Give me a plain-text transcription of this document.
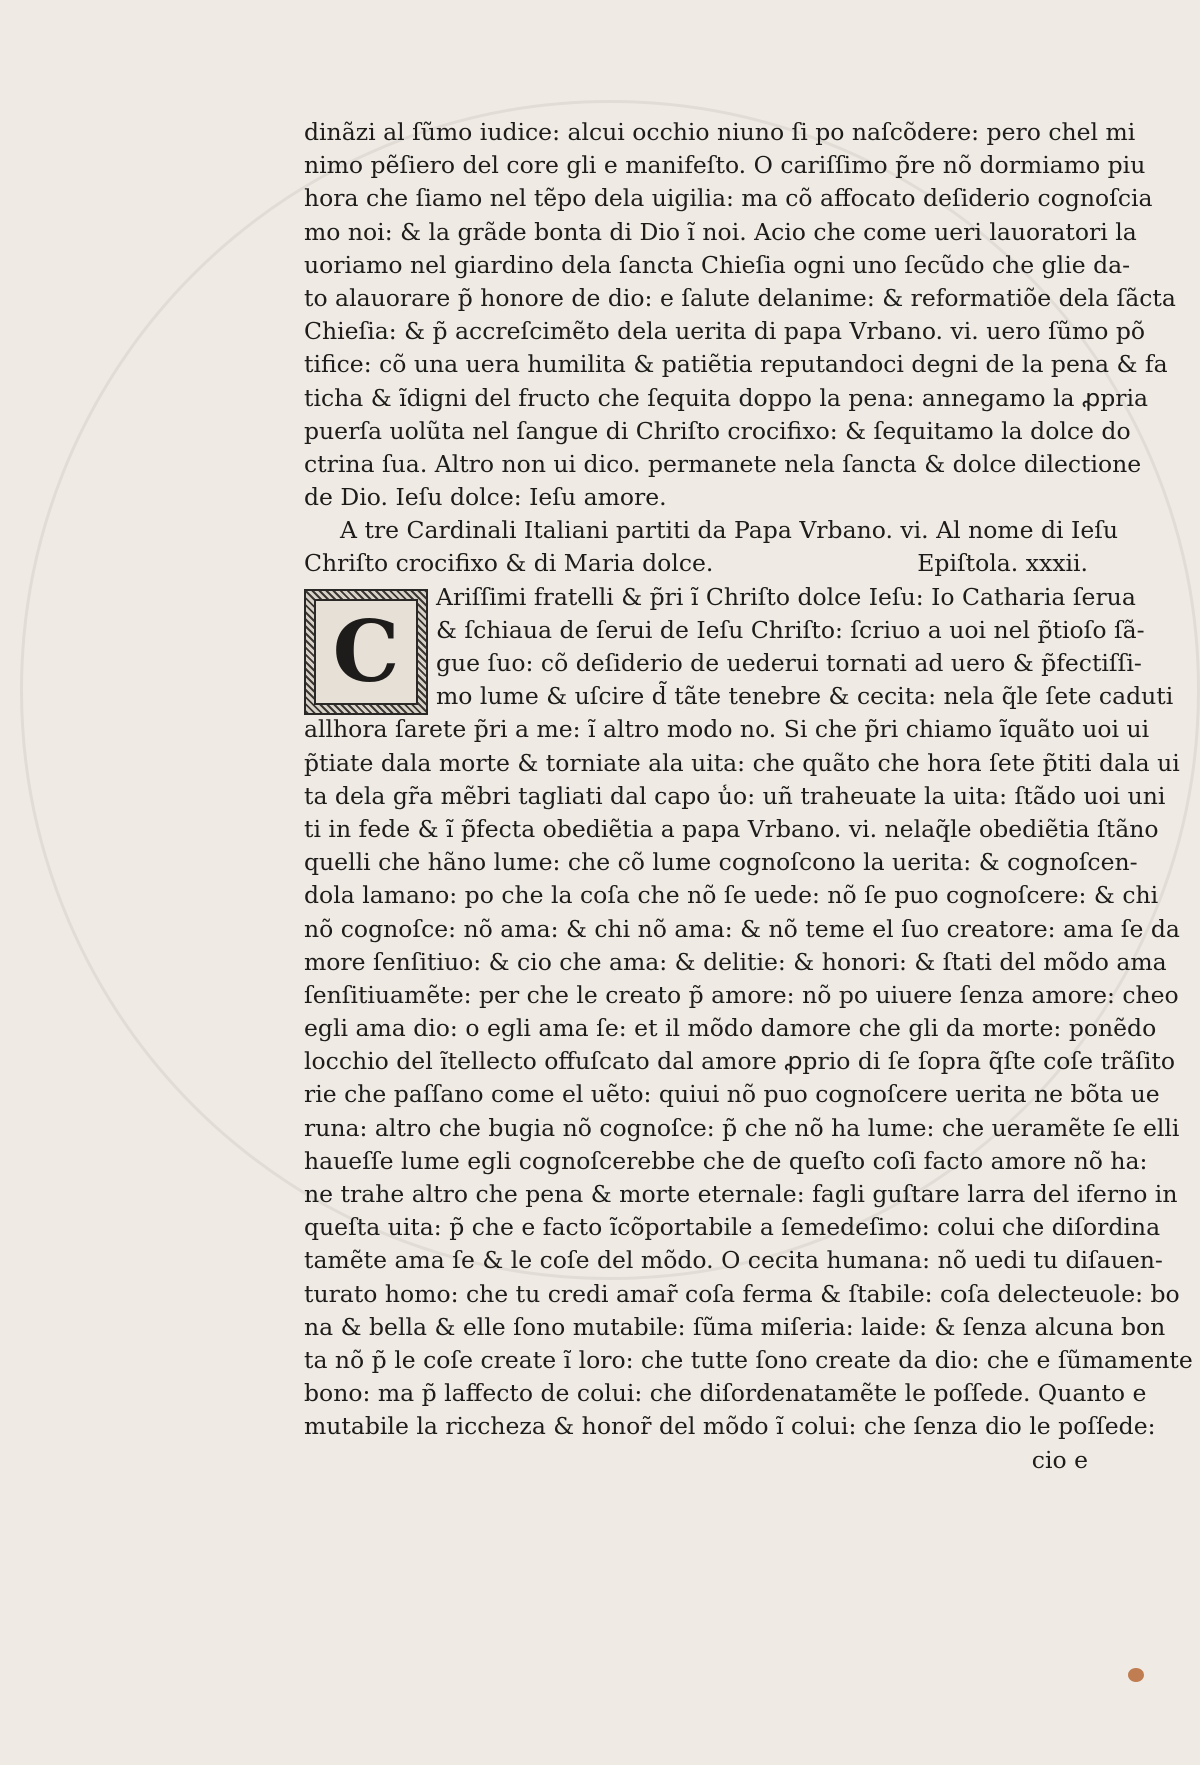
dinãzi al ſũmo iudice: alcui occhio niuno ſi po naſcõdere: pero chel mi
nimo pẽſiero del core gli e manifeſto. O cariſſimo p̃re nõ dormiamo piu
hora che ſiamo nel tẽpo dela uigilia: ma cõ affocato deſiderio cognoſcia
mo noi: & la grãde bonta di Dio ĩ noi. Acio che come ueri lauoratori la
uoriamo nel giardino dela ſancta Chieſia ogni uno ſecũdo che glie da-
to alauorare p̃ honore de dio: e ſalute delanime: & reformatiõe dela ſãcta
Chieſia: & p̃ accreſcimẽto dela uerita di papa Vrbano. vi. uero ſũmo põ
tifice: cõ una uera humilita & patiẽtia reputandoci degni de la pena & fa
ticha & ĩdigni del fructo che ſequita doppo la pena: annegamo la ꝓpria
puerſa uolũta nel ſangue di Chriſto crocifixo: & ſequitamo la dolce do
ctrina ſua. Altro non ui dico. permanete nela ſancta & dolce dilectione
de Dio. Ieſu dolce: Ieſu amore.
A tre Cardinali Italiani partiti da Papa Vrbano. vi. Al nome di Ieſu
Chriſto crocifixo & di Maria dolce.	Epiſtola. xxxii.
C
Ariſſimi fratelli & p̃ri ĩ Chriſto dolce Ieſu: Io Catharia ſerua
& ſchiaua de ſerui de Ieſu Chriſto: ſcriuo a uoi nel p̃tioſo ſã-
gue ſuo: cõ deſiderio de uederui tornati ad uero & p̃fectiſſi-
mo lume & uſcire d̃ tãte tenebre & cecita: nela q̃le ſete caduti
allhora ſarete p̃ri a me: ĩ altro modo no. Si che p̃ri chiamo ĩquãto uoi ui
p̃tiate dala morte & torniate ala uita: che quãto che hora ſete p̃titi dala ui
ta dela gr̃a mẽbri tagliati dal capo u̾o: uñ traheuate la uita: ſtãdo uoi uni
ti in fede & ĩ p̃fecta obediẽtia a papa Vrbano. vi. nelaq̃le obediẽtia ſtãno
quelli che hãno lume: che cõ lume cognoſcono la uerita: & cognoſcen-
dola lamano: po che la coſa che nõ ſe uede: nõ ſe puo cognoſcere: & chi
nõ cognoſce: nõ ama: & chi nõ ama: & nõ teme el ſuo creatore: ama ſe da
more ſenſitiuo: & cio che ama: & delitie: & honori: & ſtati del mõdo ama
ſenſitiuamẽte: per che le creato p̃ amore: nõ po uiuere ſenza amore: cheo
egli ama dio: o egli ama ſe: et il mõdo damore che gli da morte: ponẽdo
locchio del ĩtellecto offuſcato dal amore ꝓprio di ſe ſopra q̃ſte coſe trãſito
rie che paſſano come el uẽto: quiui nõ puo cognoſcere uerita ne bõta ue
runa: altro che bugia nõ cognoſce: p̃ che nõ ha lume: che ueramẽte ſe elli
haueſſe lume egli cognoſcerebbe che de queſto coſi facto amore nõ ha:
ne trahe altro che pena & morte eternale: fagli guſtare larra del iferno in
queſta uita: p̃ che e facto ĩcõportabile a ſemedeſimo: colui che diſordina
tamẽte ama ſe & le coſe del mõdo. O cecita humana: nõ uedi tu diſauen-
turato homo: che tu credi amar̃ coſa ferma & ſtabile: coſa delecteuole: bo
na & bella & elle ſono mutabile: ſũma miſeria: laide: & ſenza alcuna bon
ta nõ p̃ le coſe create ĩ loro: che tutte ſono create da dio: che e ſũmamente
bono: ma p̃ laffecto de colui: che diſordenatamẽte le poſſede. Quanto e
mutabile la riccheza & honor̃ del mõdo ĩ colui: che ſenza dio le poſſede:
cio e
